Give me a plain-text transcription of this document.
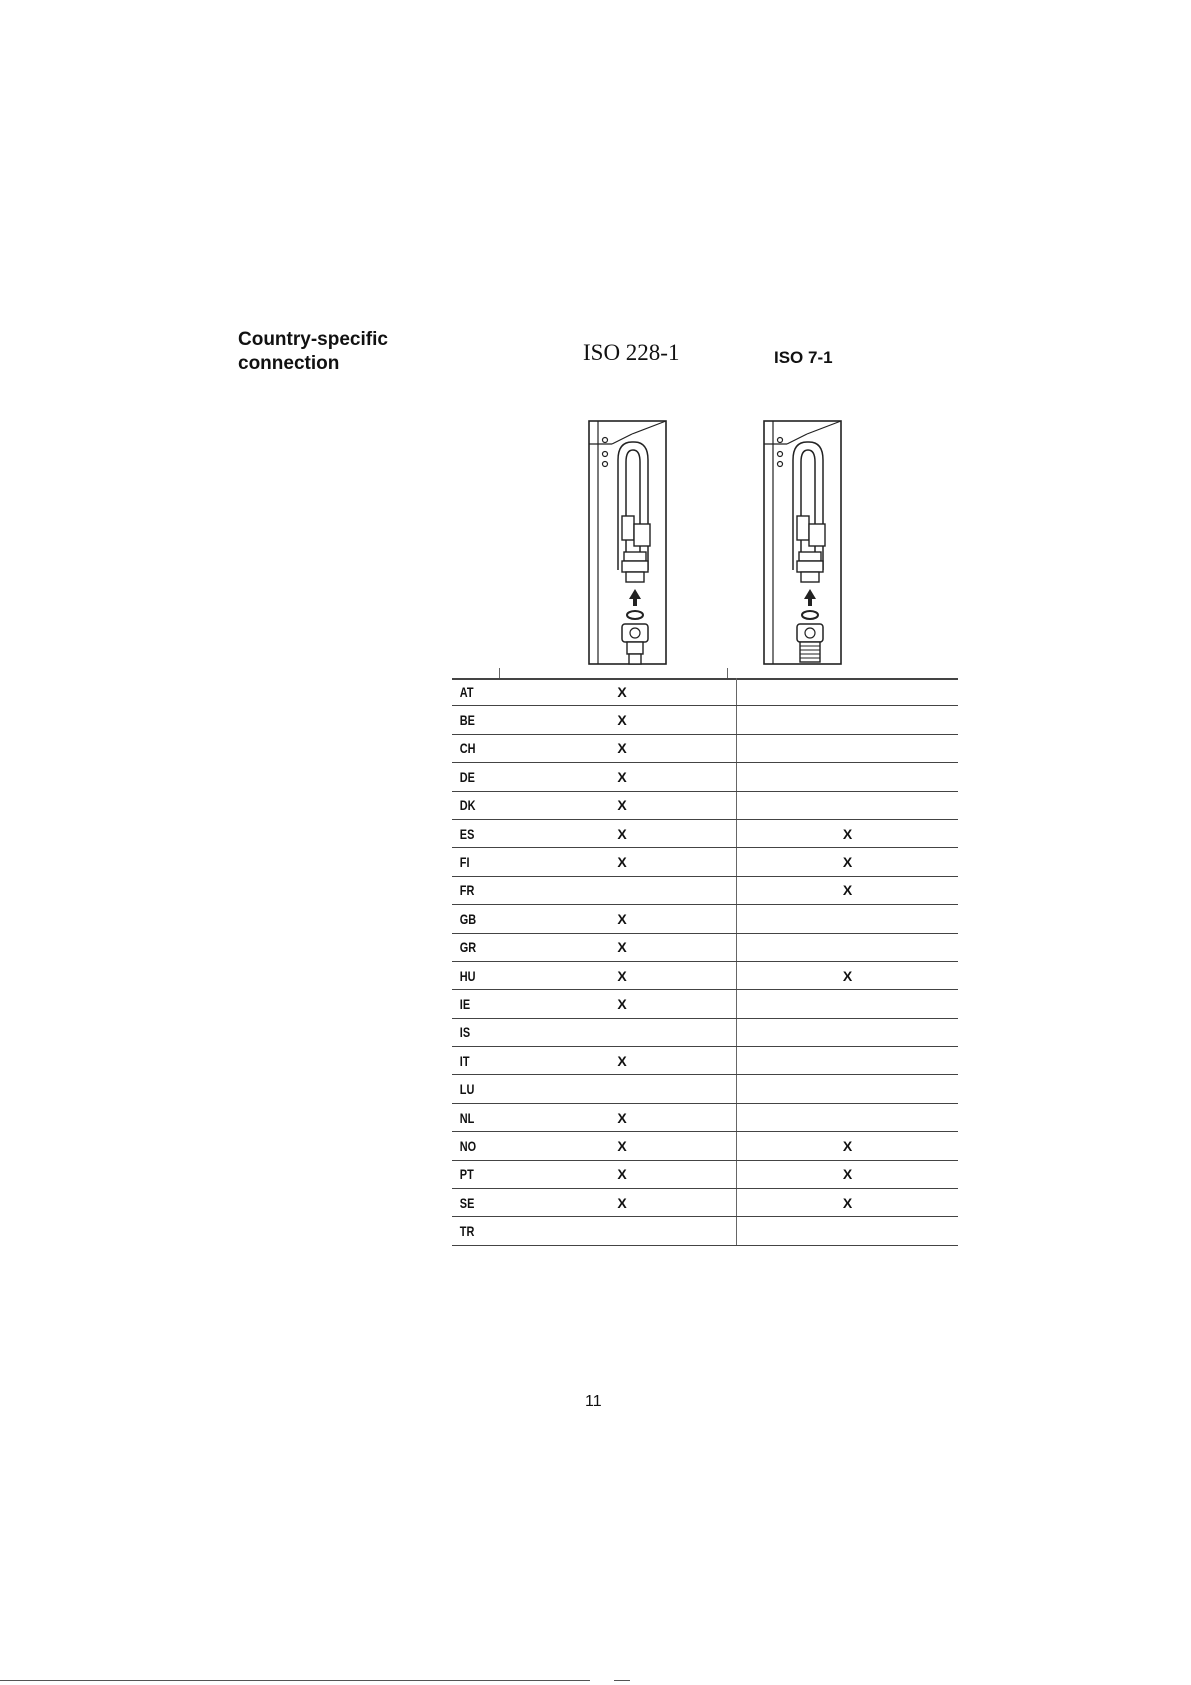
Country-specific
connection	ISO 228-1	ISO 7-1
AT	X	
BE	X	
CH	X	
DE	X	
DK	X	
ES	X	X
FI	X	X
FR		X
GB	X	
GR	X	
HU	X	X
IE	X	
IS		
IT	X	
LU		
NL	X	
NO	X	X
PT	X	X
SE	X	X
TR		
11
